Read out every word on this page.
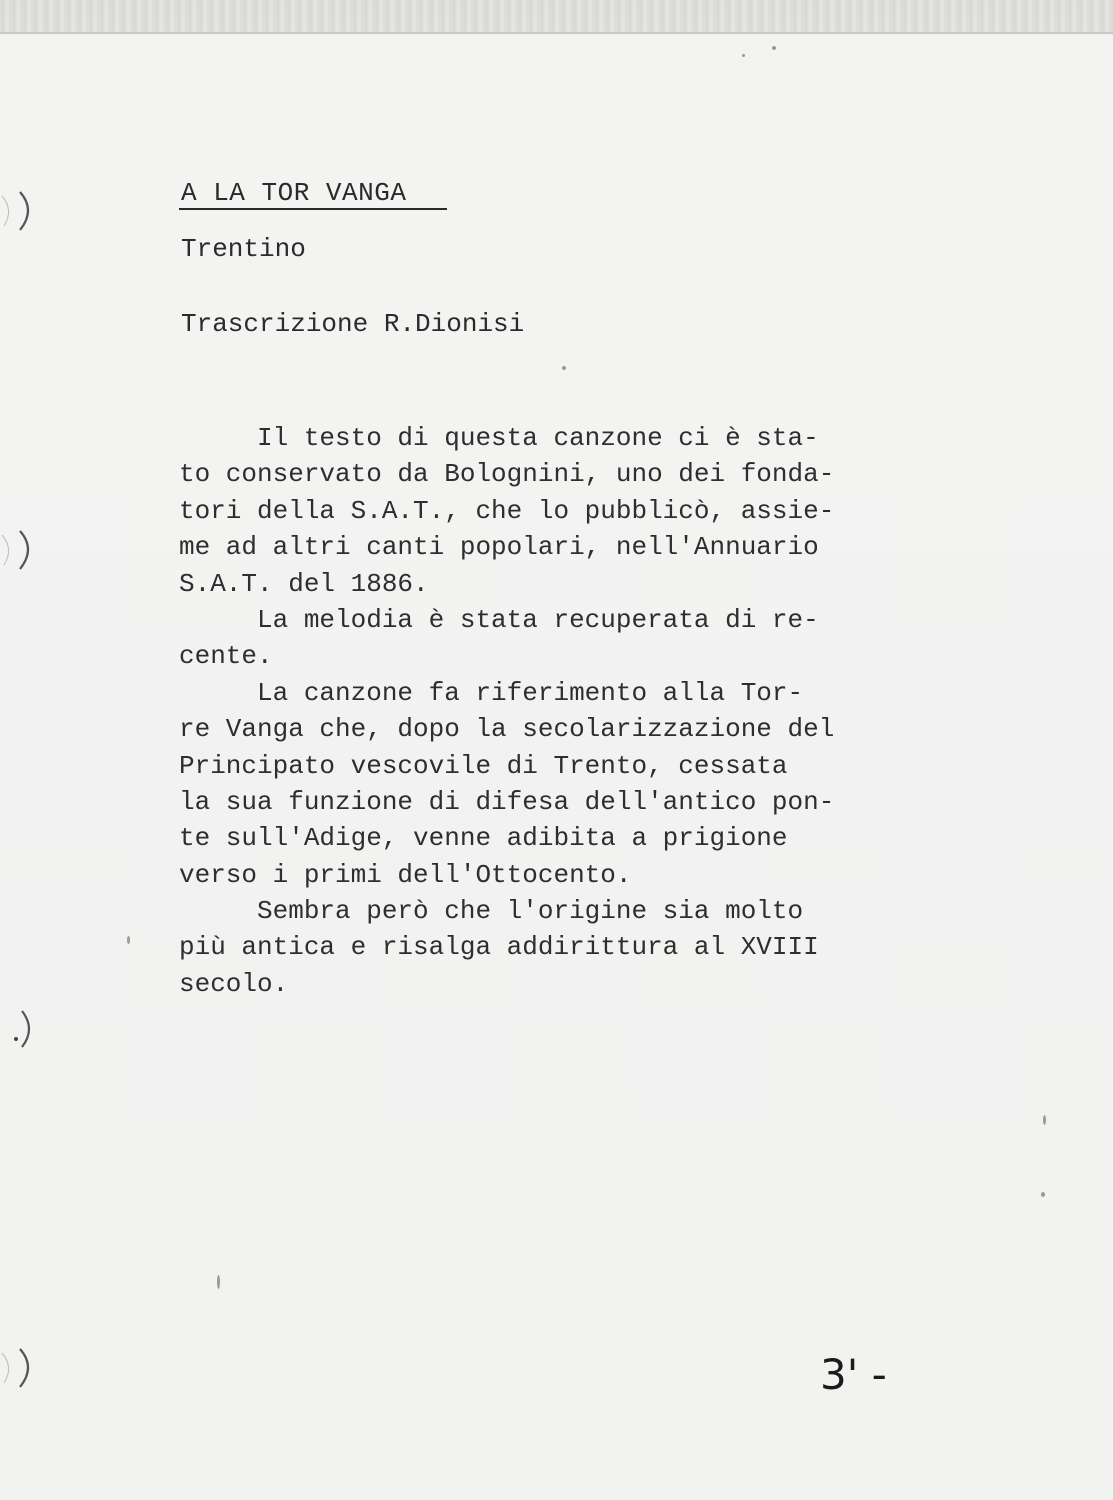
A LA TOR VANGA
Trentino
Trascrizione R.Dionisi
Il testo di questa canzone ci è sta-
to conservato da Bolognini, uno dei fonda-
tori della S.A.T., che lo pubblicò, assie-
me ad altri canti popolari, nell'Annuario
S.A.T. del 1886.
La melodia è stata recuperata di re-
cente.
La canzone fa riferimento alla Tor-
re Vanga che, dopo la secolarizzazione del
Principato vescovile di Trento, cessata
la sua funzione di difesa dell'antico pon-
te sull'Adige, venne adibita a prigione
verso i primi dell'Ottocento.
Sembra però che l'origine sia molto
più antica e risalga addirittura al XVIII
secolo.
3' -
